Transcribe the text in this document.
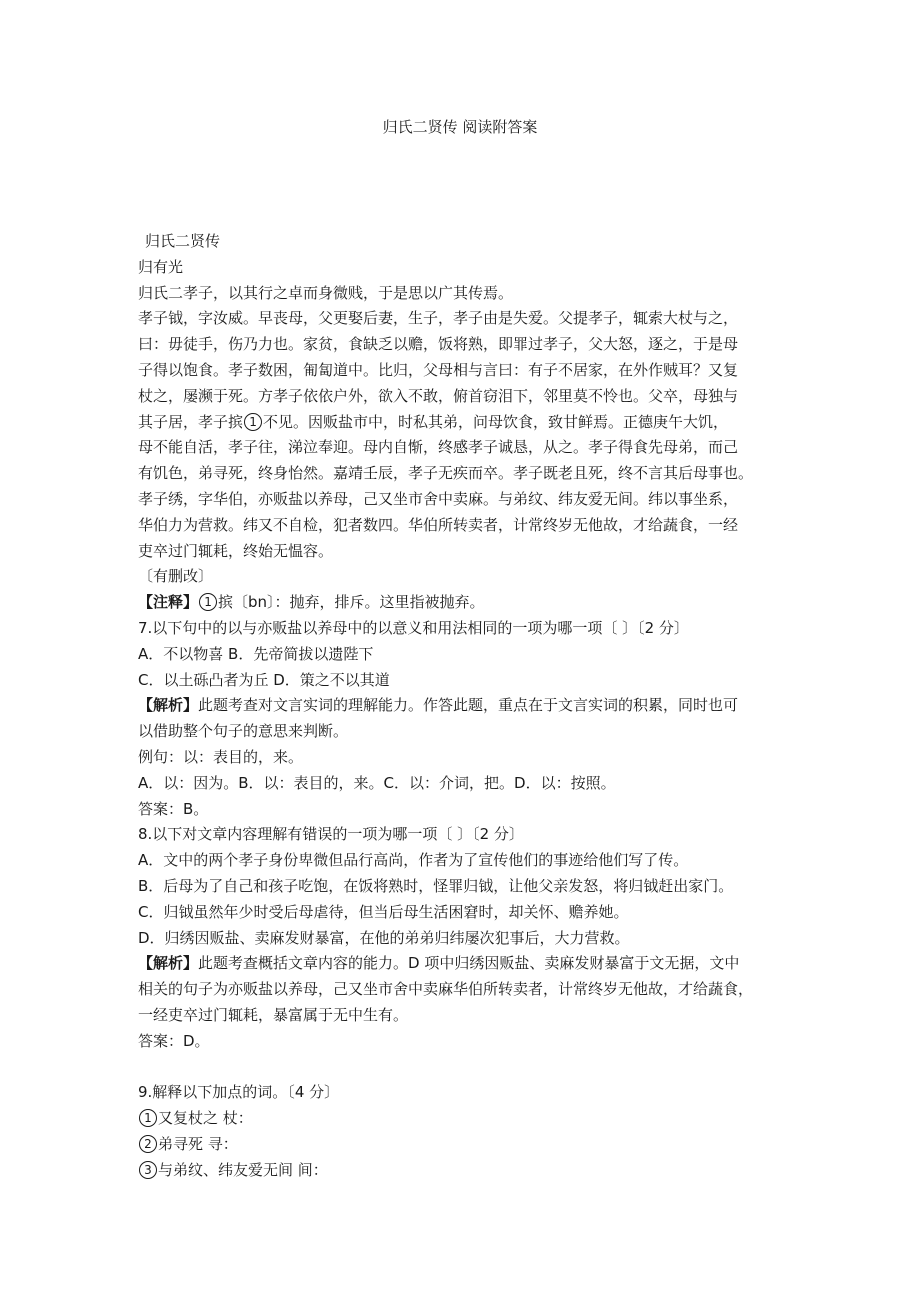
归氏二贤传 阅读附答案
归氏二贤传
归有光
归氏二孝子，以其行之卓而身微贱，于是思以广其传焉。
孝子钺，字汝威。早丧母，父更娶后妻，生子，孝子由是失爱。父提孝子，辄索大杖与之，
曰：毋徒手，伤乃力也。家贫，食缺乏以赡，饭将熟，即罪过孝子，父大怒，逐之，于是母
子得以饱食。孝子数困，匍匐道中。比归，父母相与言曰：有子不居家，在外作贼耳？又复
杖之，屡濒于死。方孝子依依户外，欲入不敢，俯首窃泪下，邻里莫不怜也。父卒，母独与
其子居，孝子摈 1 不见。因贩盐市中，时私其弟，问母饮食，致甘鲜焉。正德庚午大饥，
母不能自活，孝子往，涕泣奉迎。母内自惭，终感孝子诚恳，从之。孝子得食先母弟，而己
有饥色，弟寻死，终身怡然。嘉靖壬辰，孝子无疾而卒。孝子既老且死，终不言其后母事也。
孝子绣，字华伯，亦贩盐以养母，己又坐市舍中卖麻。与弟纹、纬友爱无间。纬以事坐系，
华伯力为营救。纬又不自检，犯者数四。华伯所转卖者，计常终岁无他故，才给蔬食，一经
吏卒过门辄耗，终始无愠容。
〔有删改〕
【注释】 1 摈〔bn〕：抛弃，排斥。这里指被抛弃。
7.以下句中的以与亦贩盐以养母中的以意义和用法相同的一项为哪一项〔 〕〔2 分〕
A．不以物喜 B．先帝简拔以遗陛下
C．以土砾凸者为丘 D．策之不以其道
【解析】此题考查对文言实词的理解能力。作答此题，重点在于文言实词的积累，同时也可
以借助整个句子的意思来判断。
例句：以：表目的，来。
A．以：因为。B．以：表目的，来。C．以：介词，把。D．以：按照。
答案：B。
8.以下对文章内容理解有错误的一项为哪一项〔 〕〔2 分〕
A．文中的两个孝子身份卑微但品行高尚，作者为了宣传他们的事迹给他们写了传。
B．后母为了自己和孩子吃饱，在饭将熟时，怪罪归钺，让他父亲发怒，将归钺赶出家门。
C．归钺虽然年少时受后母虐待，但当后母生活困窘时，却关怀、赡养她。
D．归绣因贩盐、卖麻发财暴富，在他的弟弟归纬屡次犯事后，大力营救。
【解析】此题考查概括文章内容的能力。D 项中归绣因贩盐、卖麻发财暴富于文无据，文中
相关的句子为亦贩盐以养母，己又坐市舍中卖麻华伯所转卖者，计常终岁无他故，才给蔬食，
一经吏卒过门辄耗，暴富属于无中生有。
答案：D。
9.解释以下加点的词。〔4 分〕
1 又复杖之 杖：
2 弟寻死 寻：
3 与弟纹、纬友爱无间 间：
